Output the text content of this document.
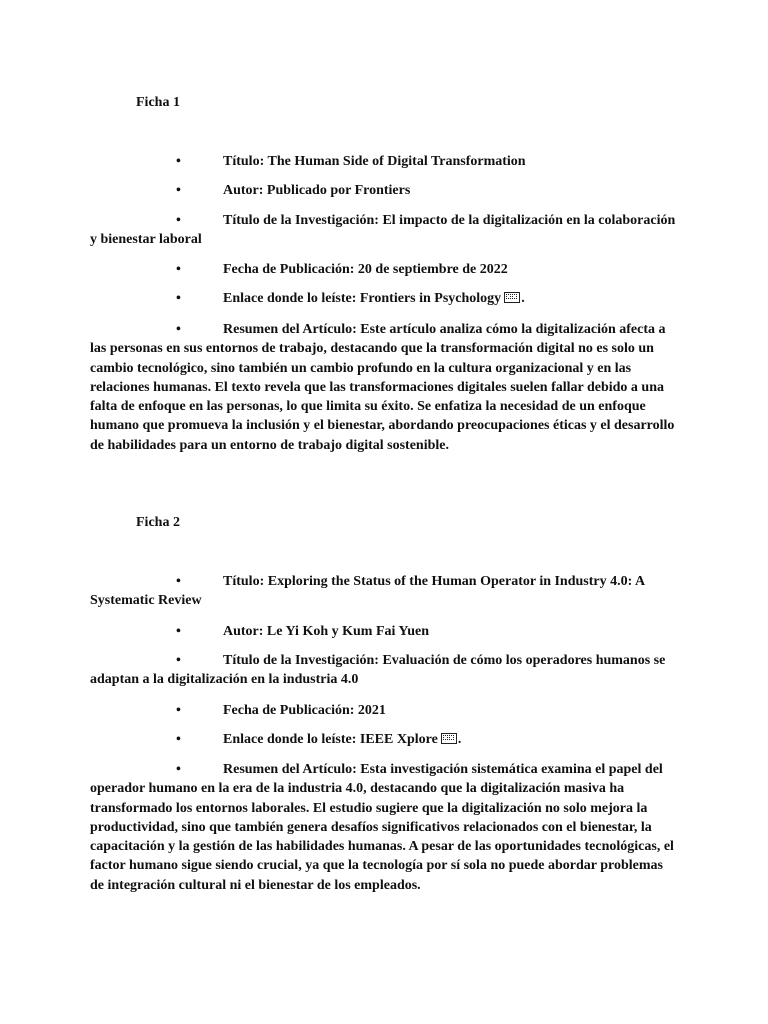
Ficha 1
•	Título: The Human Side of Digital Transformation
•	Autor: Publicado por Frontiers
•	Título de la Investigación: El impacto de la digitalización en la colaboración y bienestar laboral
•	Fecha de Publicación: 20 de septiembre de 2022
•	Enlace donde lo leíste: Frontiers in Psychology .
•	Resumen del Artículo: Este artículo analiza cómo la digitalización afecta a las personas en sus entornos de trabajo, destacando que la transformación digital no es solo un cambio tecnológico, sino también un cambio profundo en la cultura organizacional y en las relaciones humanas. El texto revela que las transformaciones digitales suelen fallar debido a una falta de enfoque en las personas, lo que limita su éxito. Se enfatiza la necesidad de un enfoque humano que promueva la inclusión y el bienestar, abordando preocupaciones éticas y el desarrollo de habilidades para un entorno de trabajo digital sostenible.
Ficha 2
•	Título: Exploring the Status of the Human Operator in Industry 4.0: A Systematic Review
•	Autor: Le Yi Koh y Kum Fai Yuen
•	Título de la Investigación: Evaluación de cómo los operadores humanos se adaptan a la digitalización en la industria 4.0
•	Fecha de Publicación: 2021
•	Enlace donde lo leíste: IEEE Xplore .
•	Resumen del Artículo: Esta investigación sistemática examina el papel del operador humano en la era de la industria 4.0, destacando que la digitalización masiva ha transformado los entornos laborales. El estudio sugiere que la digitalización no solo mejora la productividad, sino que también genera desafíos significativos relacionados con el bienestar, la capacitación y la gestión de las habilidades humanas. A pesar de las oportunidades tecnológicas, el factor humano sigue siendo crucial, ya que la tecnología por sí sola no puede abordar problemas de integración cultural ni el bienestar de los empleados.
